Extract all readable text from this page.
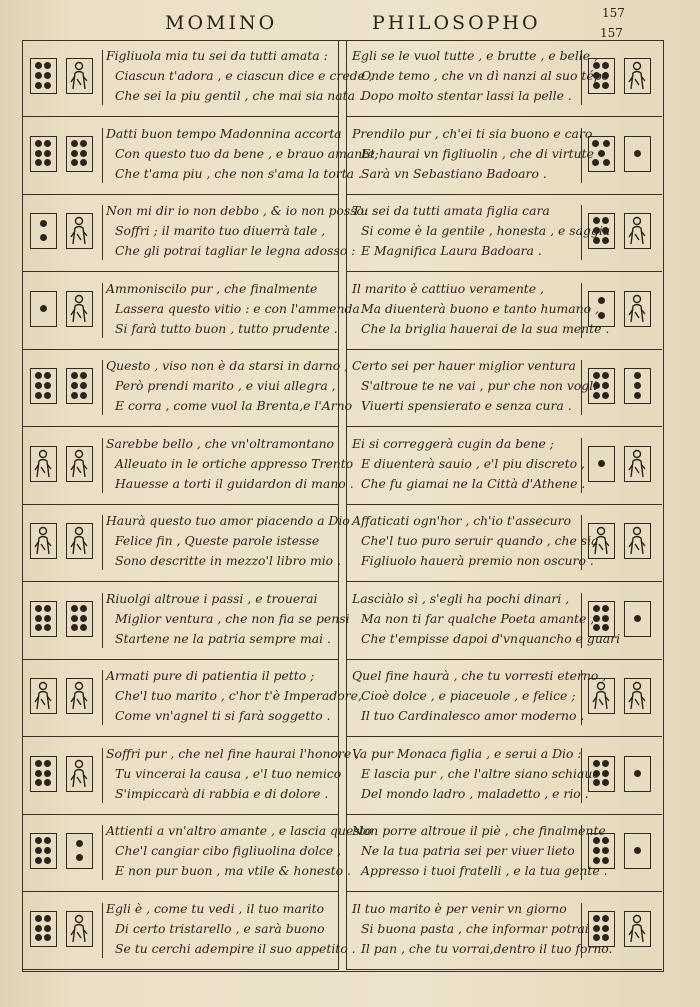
MOMINO	PHILOSOPHO	157
157
Figliuola mia tu sei da tutti amata :
Ciascun t'adora , e ciascun dice e crede ,
Che sei la piu gentil , che mai sia nata .
Datti buon tempo Madonnina accorta
Con questo tuo da bene , e brauo amante;
Che t'ama piu , che non s'ama la torta .
Non mi dir io non debbo , & io non posso:
Soffri ; il marito tuo diuerrà tale ,
Che gli potrai tagliar le legna adosso :
Ammoniscilo pur , che finalmente
Lassera questo vitio : e con l'ammenda
Si farà tutto buon , tutto prudente .
Questo , viso non è da starsi in darno ,
Però prendi marito , e viui allegra ,
E corra , come vuol la Brenta,e l'Arno
Sarebbe bello , che vn'oltramontano
Alleuato in le ortiche appresso Trento
Hauesse a torti il guidardon di mano .
Haurà questo tuo amor piacendo a Dio
Felice fin , Queste parole istesse
Sono descritte in mezzo'l libro mio .
Riuolgi altroue i passi , e trouerai
Miglior ventura , che non fia se pensi
Startene ne la patria sempre mai .
Armati pure di patientia il petto ;
Che'l tuo marito , c'hor t'è Imperadore,
Come vn'agnel ti si farà soggetto .
Soffri pur , che nel fine haurai l'honore ,
Tu vincerai la causa , e'l tuo nemico
S'impiccarà di rabbia e di dolore .
Attienti a vn'altro amante , e lascia questo
Che'l cangiar cibo figliuolina dolce ,
E non pur buon , ma vtile & honesto .
Egli è , come tu vedi , il tuo marito
Di certo tristarello , e sarà buono
Se tu cerchi adempire il suo appetito .
Egli se le vuol tutte , e brutte , e belle ,
Onde temo , che vn dì nanzi al suo tépo
Dopo molto stentar lassi la pelle .
Prendilo pur , ch'ei ti sia buono e caro
Et haurai vn figliuolin , che di virtute
Sarà vn Sebastiano Badoaro .
Tu sei da tutti amata figlia cara
Si come è la gentile , honesta , e saggia
E Magnifica Laura Badoara .
Il marito è cattiuo veramente ,
Ma diuenterà buono e tanto humano ,
Che la briglia hauerai de la sua mente .
Certo sei per hauer miglior ventura
S'altroue te ne vai , pur che non vogli
Viuerti spensierato e senza cura .
Ei si correggerà cugin da bene ;
E diuenterà sauio , e'l piu discreto ,
Che fu giamai ne la Città d'Athene .
Affaticati ogn'hor , ch'io t'assecuro
Che'l tuo puro seruir quando , che sia
Figliuolo hauerà premio non oscuro .
Lasciàlo sì , s'egli ha pochi dinari ,
Ma non ti far qualche Poeta amante ,
Che t'empisse dapoi d'vnquancho e guari
Quel fine haurà , che tu vorresti eterno ,
Cioè dolce , e piaceuole , e felice ;
Il tuo Cardinalesco amor moderno .
Va pur Monaca figlia , e serui a Dio :
E lascia pur , che l'altre siano schiaue
Del mondo ladro , maladetto , e rio .
Non porre altroue il piè , che finalmente
Ne la tua patria sei per viuer lieto
Appresso i tuoi fratelli , e la tua gente .
Il tuo marito è per venir vn giorno
Si buona pasta , che informar potrai
Il pan , che tu vorrai,dentro il tuo forno.
